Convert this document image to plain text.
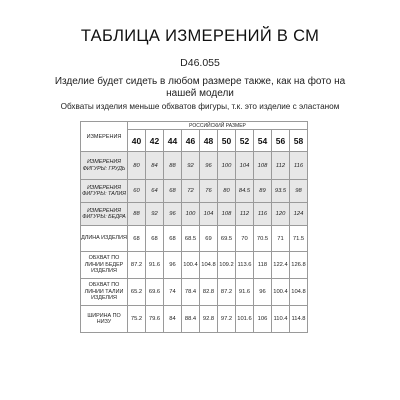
ТАБЛИЦА ИЗМЕРЕНИЙ В СМ
D46.055
Изделие будет сидеть в любом размере также, как на фото на
нашей модели
Обхваты изделия меньше обхватов фигуры, т.к. это изделие с эластаном
ИЗМЕРЕНИЯ	РОССИЙСКИЙ РАЗМЕР									
	40	42	44	46	48	50	52	54	56	58
ИЗМЕРЕНИЯ ФИГУРЫ: ГРУДЬ	80	84	88	92	96	100	104	108	112	116
ИЗМЕРЕНИЯ ФИГУРЫ: ТАЛИЯ	60	64	68	72	76	80	84.5	89	93.5	98
ИЗМЕРЕНИЯ ФИГУРЫ: БЕДРА	88	92	96	100	104	108	112	116	120	124
ДЛИНА ИЗДЕЛИЯ	68	68	68	68.5	69	69.5	70	70.5	71	71.5
ОБХВАТ ПО ЛИНИИ БЕДЕР ИЗДЕЛИЯ	87.2	91.6	96	100.4	104.8	109.2	113.6	118	122.4	126.8
ОБХВАТ ПО ЛИНИИ ТАЛИИ ИЗДЕЛИЯ	65.2	69.6	74	78.4	82.8	87.2	91.6	96	100.4	104.8
ШИРИНА ПО НИЗУ	75.2	79.6	84	88.4	92.8	97.2	101.6	106	110.4	114.8
